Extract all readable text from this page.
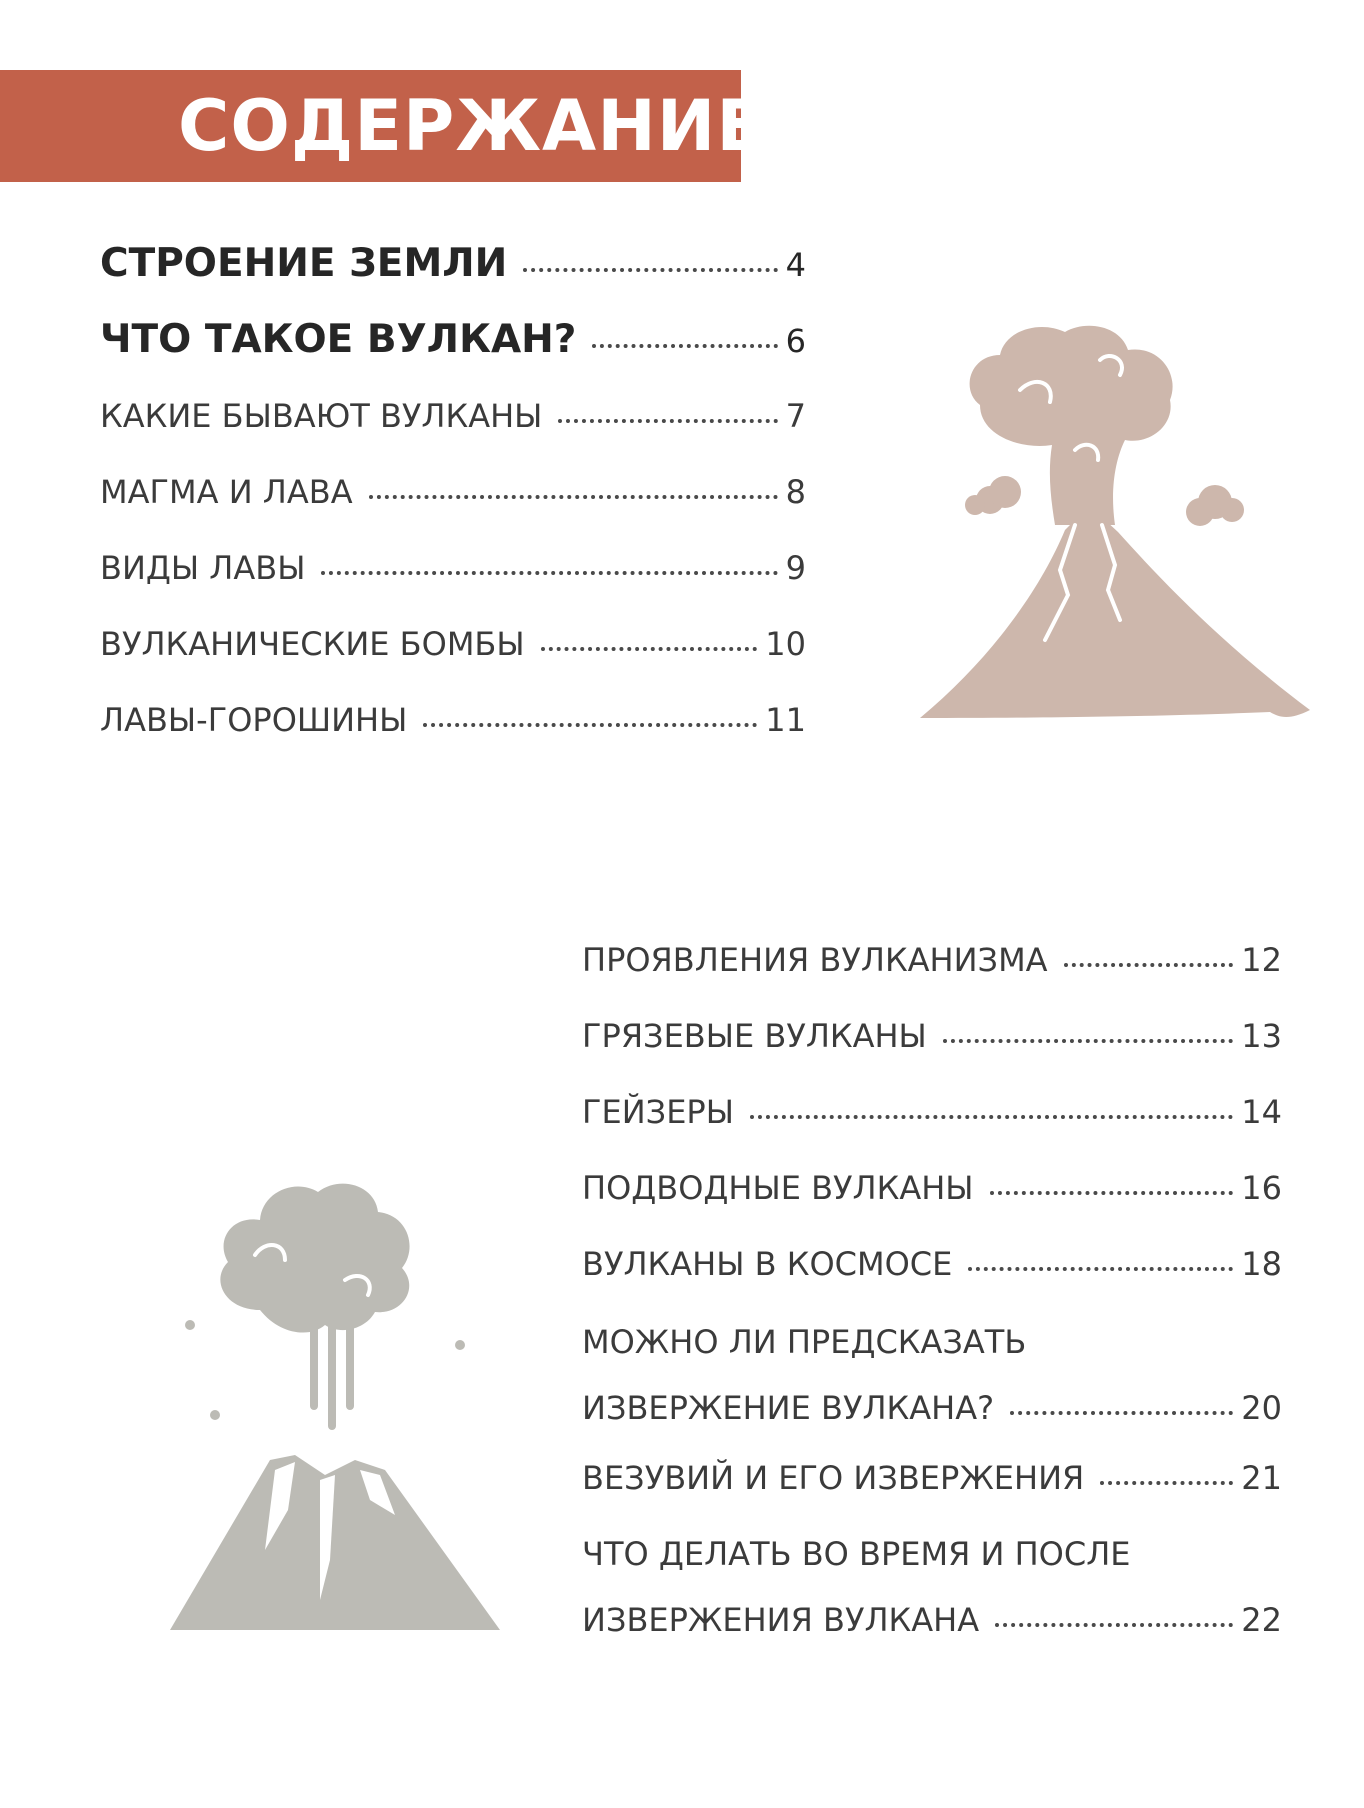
СОДЕРЖАНИЕ
СТРОЕНИЕ ЗЕМЛИ	4
ЧТО ТАКОЕ ВУЛКАН?	6
КАКИЕ БЫВАЮТ ВУЛКАНЫ	7
МАГМА И ЛАВА	8
ВИДЫ ЛАВЫ	9
ВУЛКАНИЧЕСКИЕ БОМБЫ	10
ЛАВЫ-ГОРОШИНЫ	11
ПРОЯВЛЕНИЯ ВУЛКАНИЗМА	12
ГРЯЗЕВЫЕ ВУЛКАНЫ	13
ГЕЙЗЕРЫ	14
ПОДВОДНЫЕ ВУЛКАНЫ	16
ВУЛКАНЫ В КОСМОСЕ	18
МОЖНО ЛИ ПРЕДСКАЗАТЬ
ИЗВЕРЖЕНИЕ ВУЛКАНА?	20
ВЕЗУВИЙ И ЕГО ИЗВЕРЖЕНИЯ	21
ЧТО ДЕЛАТЬ ВО ВРЕМЯ И ПОСЛЕ
ИЗВЕРЖЕНИЯ ВУЛКАНА	22
